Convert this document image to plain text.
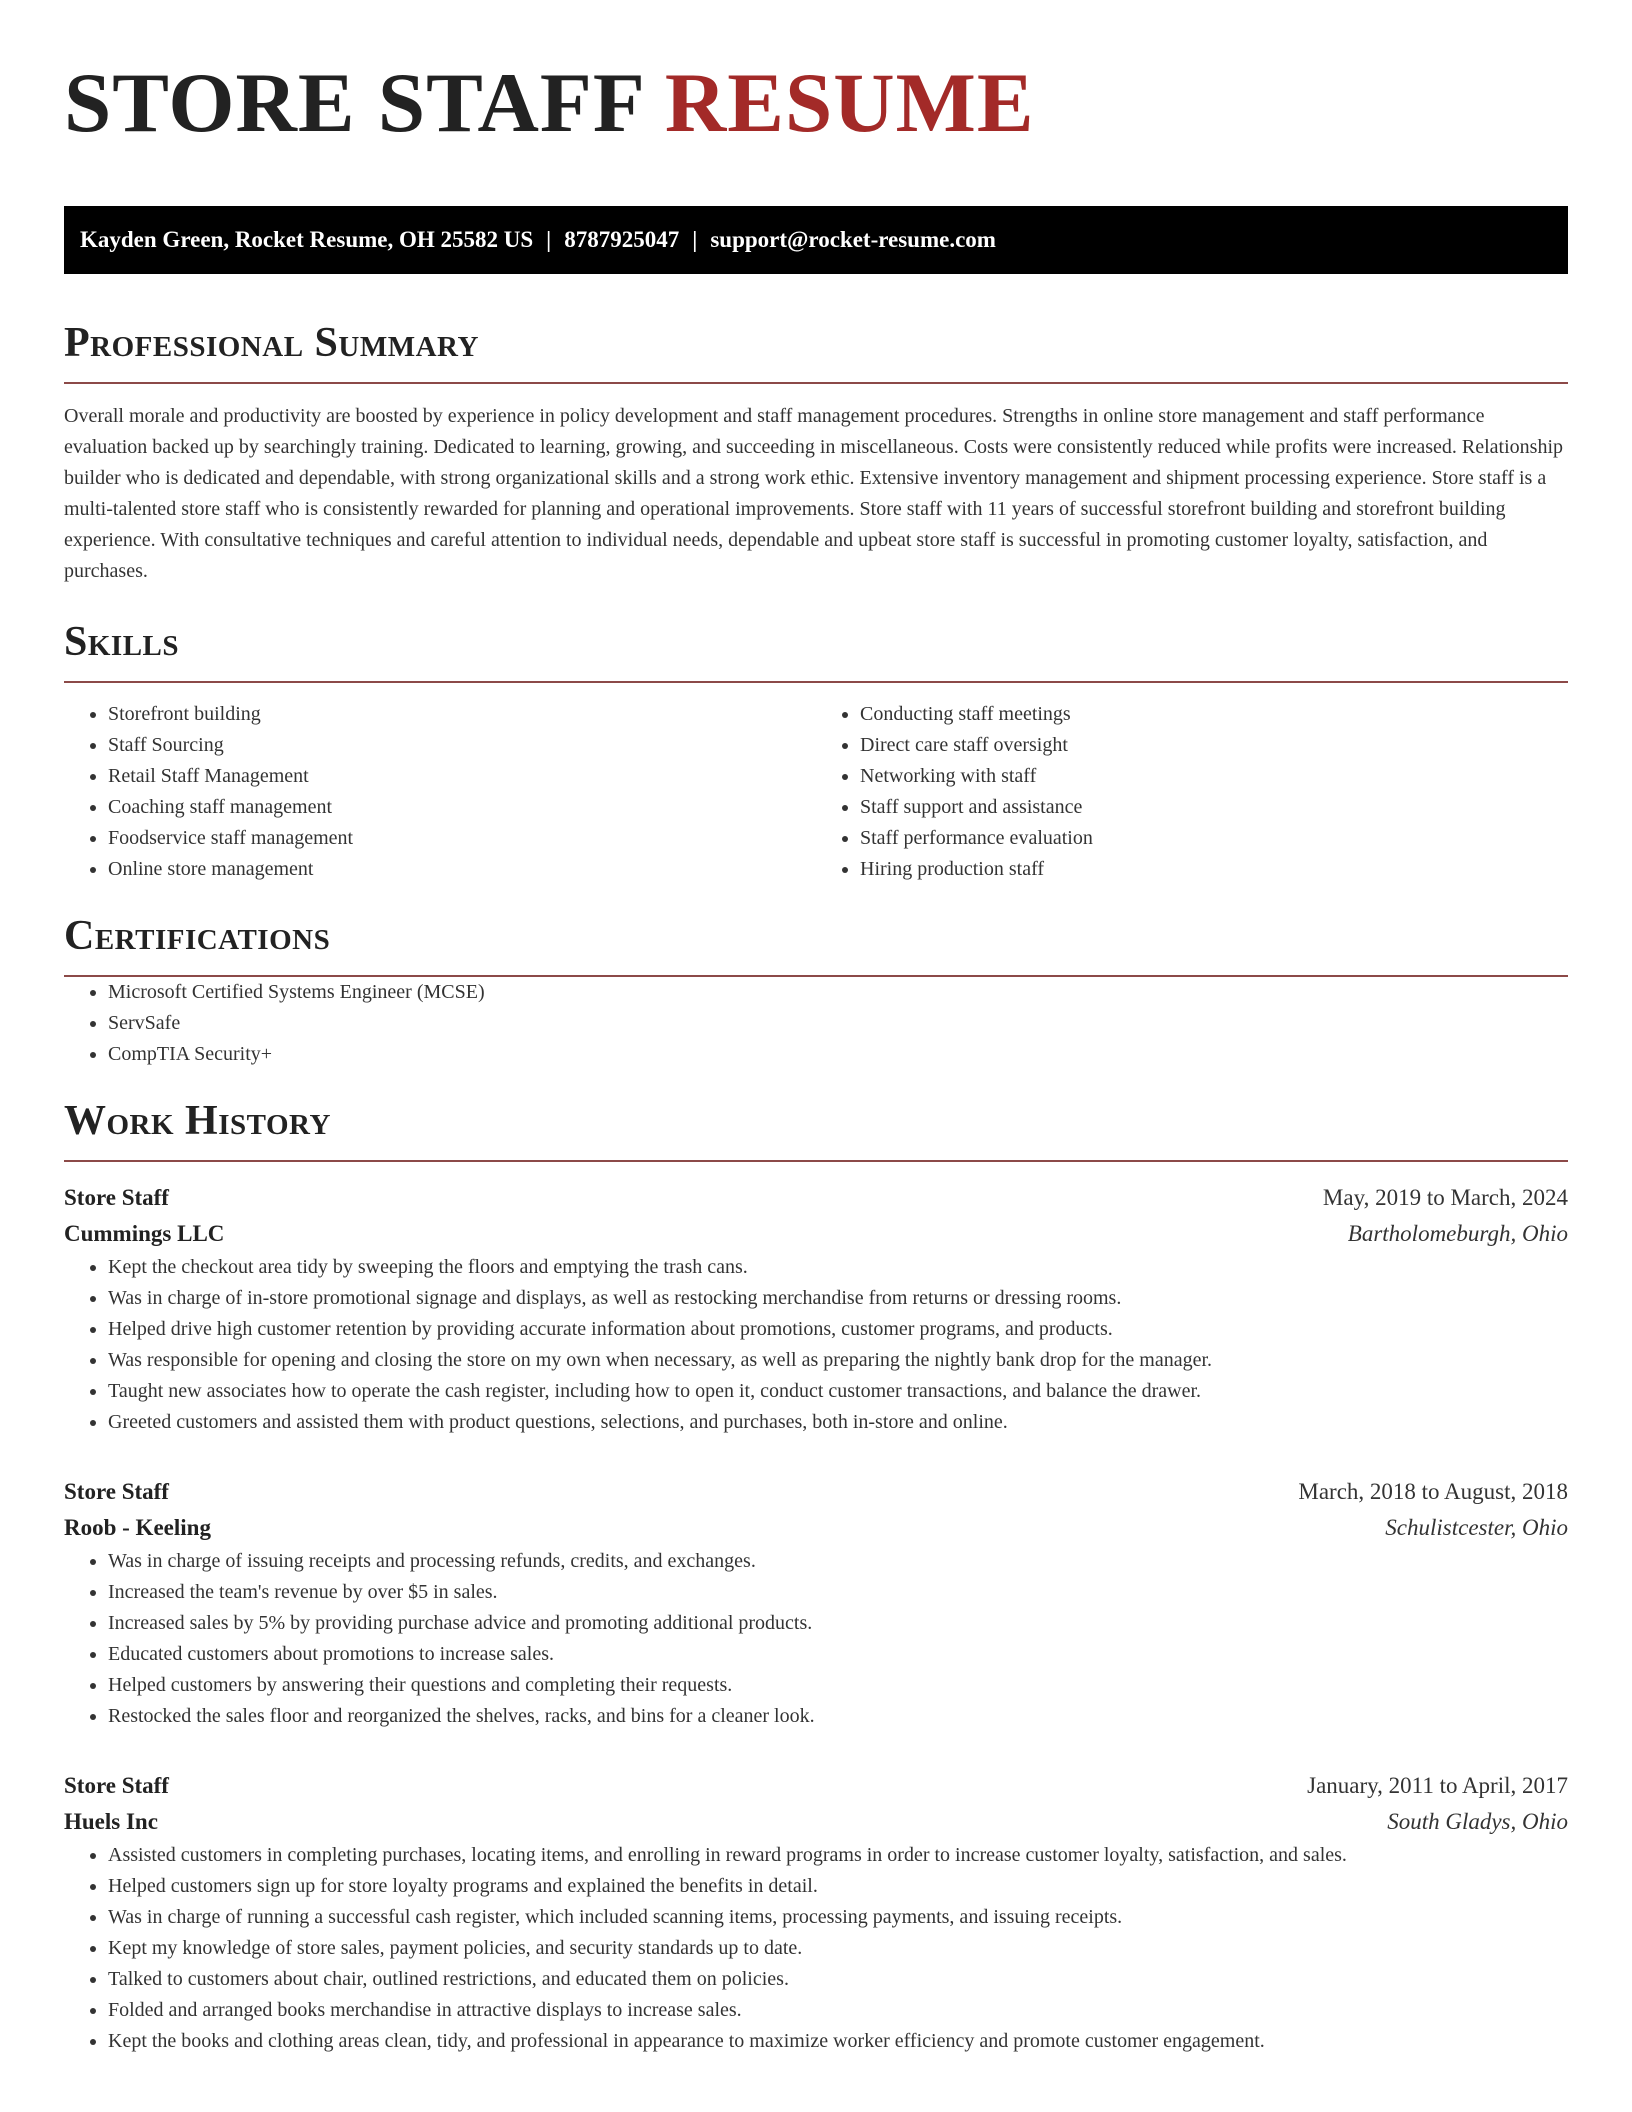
STORE STAFF RESUME
Kayden Green, Rocket Resume, OH 25582 US | 8787925047 | support@rocket-resume.com
Professional Summary

Overall morale and productivity are boosted by experience in policy development and staff management procedures. Strengths in online store management and staff performance evaluation backed up by searchingly training. Dedicated to learning, growing, and succeeding in miscellaneous. Costs were consistently reduced while profits were increased. Relationship builder who is dedicated and dependable, with strong organizational skills and a strong work ethic. Extensive inventory management and shipment processing experience. Store staff is a multi-talented store staff who is consistently rewarded for planning and operational improvements. Store staff with 11 years of successful storefront building and storefront building experience. With consultative techniques and careful attention to individual needs, dependable and upbeat store staff is successful in promoting customer loyalty, satisfaction, and purchases.

Skills
• Storefront building
• Staff Sourcing
• Retail Staff Management
• Coaching staff management
• Foodservice staff management
• Online store management
• Conducting staff meetings
• Direct care staff oversight
• Networking with staff
• Staff support and assistance
• Staff performance evaluation
• Hiring production staff
Certifications
• Microsoft Certified Systems Engineer (MCSE)
• ServSafe
• CompTIA Security+
Work History
Store Staff	May, 2019 to March, 2024
Cummings LLC	Bartholomeburgh, Ohio
• Kept the checkout area tidy by sweeping the floors and emptying the trash cans.
• Was in charge of in-store promotional signage and displays, as well as restocking merchandise from returns or dressing rooms.
• Helped drive high customer retention by providing accurate information about promotions, customer programs, and products.
• Was responsible for opening and closing the store on my own when necessary, as well as preparing the nightly bank drop for the manager.
• Taught new associates how to operate the cash register, including how to open it, conduct customer transactions, and balance the drawer.
• Greeted customers and assisted them with product questions, selections, and purchases, both in-store and online.
Store Staff	March, 2018 to August, 2018
Roob - Keeling	Schulistcester, Ohio
• Was in charge of issuing receipts and processing refunds, credits, and exchanges.
• Increased the team's revenue by over $5 in sales.
• Increased sales by 5% by providing purchase advice and promoting additional products.
• Educated customers about promotions to increase sales.
• Helped customers by answering their questions and completing their requests.
• Restocked the sales floor and reorganized the shelves, racks, and bins for a cleaner look.
Store Staff	January, 2011 to April, 2017
Huels Inc	South Gladys, Ohio
• Assisted customers in completing purchases, locating items, and enrolling in reward programs in order to increase customer loyalty, satisfaction, and sales.
• Helped customers sign up for store loyalty programs and explained the benefits in detail.
• Was in charge of running a successful cash register, which included scanning items, processing payments, and issuing receipts.
• Kept my knowledge of store sales, payment policies, and security standards up to date.
• Talked to customers about chair, outlined restrictions, and educated them on policies.
• Folded and arranged books merchandise in attractive displays to increase sales.
• Kept the books and clothing areas clean, tidy, and professional in appearance to maximize worker efficiency and promote customer engagement.
